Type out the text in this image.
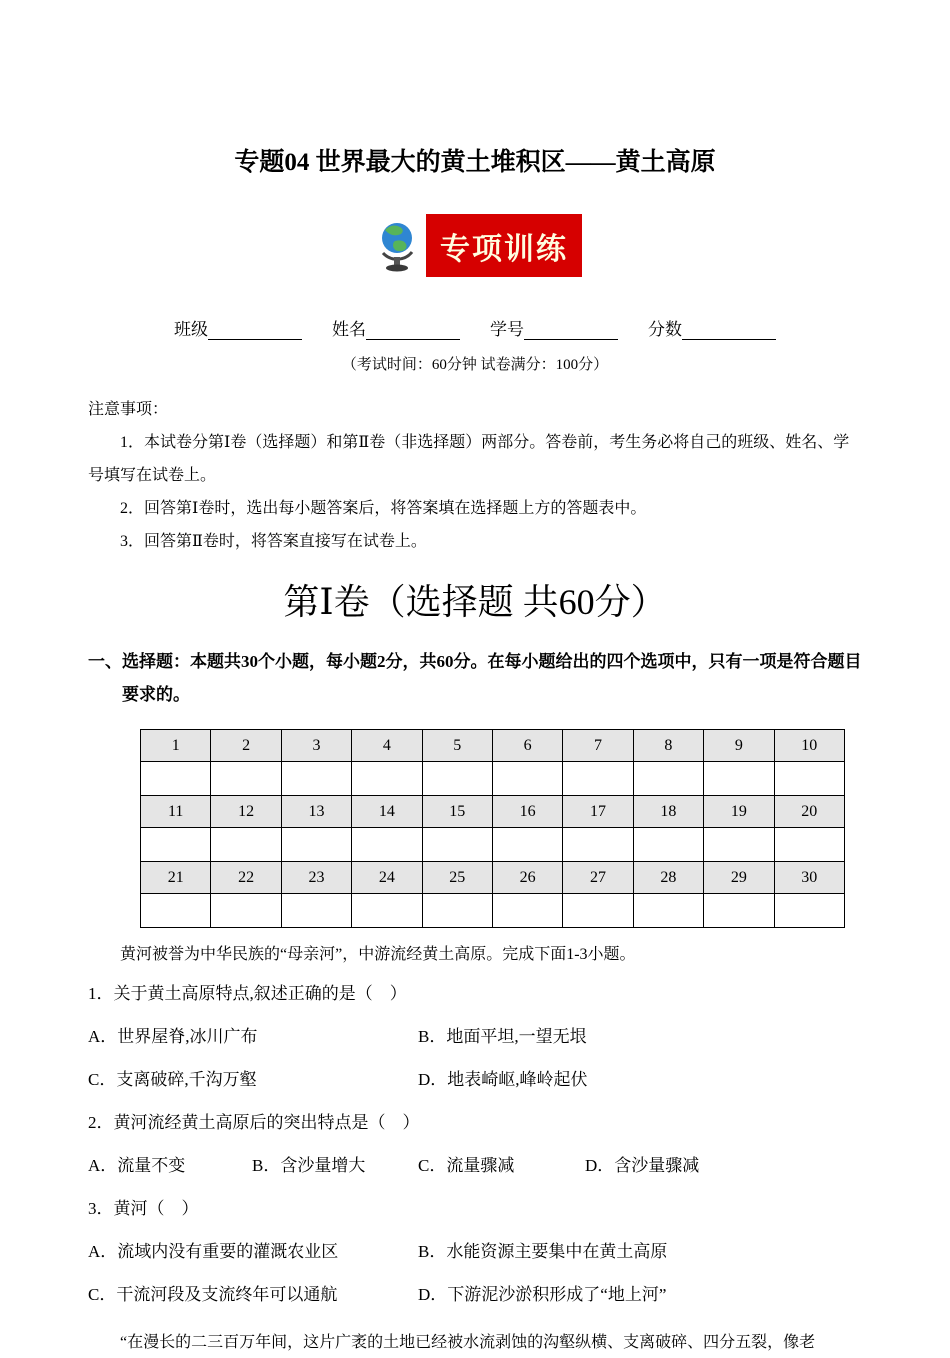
专题04 世界最大的黄土堆积区——黄土高原
专项训练
班级	姓名	学号	分数
（考试时间：60分钟 试卷满分：100分）
注意事项：
1．本试卷分第Ⅰ卷（选择题）和第Ⅱ卷（非选择题）两部分。答卷前，考生务必将自己的班级、姓名、学号填写在试卷上。
2．回答第Ⅰ卷时，选出每小题答案后，将答案填在选择题上方的答题表中。
3．回答第Ⅱ卷时，将答案直接写在试卷上。
第Ⅰ卷（选择题 共60分）
一、选择题：本题共30个小题，每小题2分，共60分。在每小题给出的四个选项中，只有一项是符合题目要求的。
1	2	3	4	5	6	7	8	9	10

11	12	13	14	15	16	17	18	19	20

21	22	23	24	25	26	27	28	29	30

黄河被誉为中华民族的“母亲河”，中游流经黄土高原。完成下面1-3小题。
1．关于黄土高原特点,叙述正确的是（　）
A．世界屋脊,冰川广布	B．地面平坦,一望无垠
C．支离破碎,千沟万壑	D．地表崎岖,峰岭起伏
2．黄河流经黄土高原后的突出特点是（　）
A．流量不变	B．含沙量增大	C．流量骤减	D．含沙量骤减
3．黄河（　）
A．流域内没有重要的灌溉农业区	B．水能资源主要集中在黄土高原
C．干流河段及支流终年可以通航	D．下游泥沙淤积形成了“地上河”
“在漫长的二三百万年间，这片广袤的土地已经被水流剥蚀的沟壑纵横、支离破碎、四分五裂，像老
